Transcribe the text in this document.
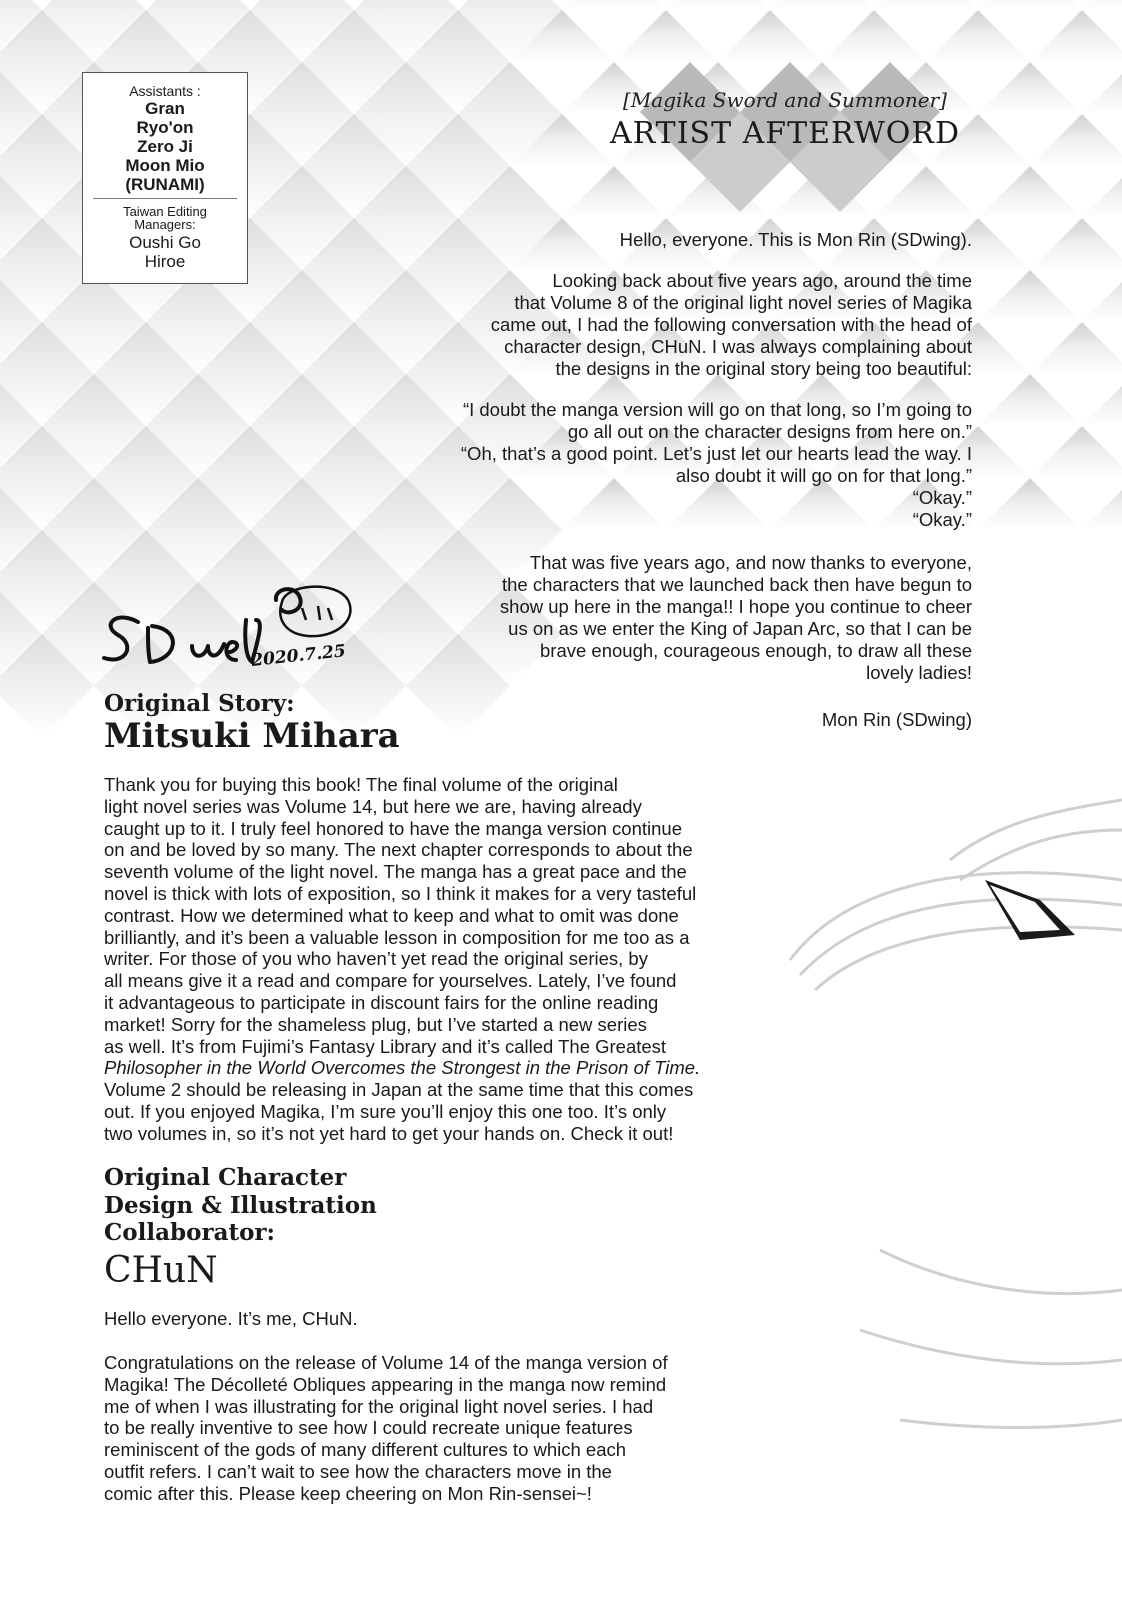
Assistants :
Gran
Ryo'on
Zero Ji
Moon Mio
(RUNAMI)
Taiwan Editing
Managers:
Oushi Go
Hiroe
[Magika Sword and Summoner]
ARTIST AFTERWORD

Hello, everyone. This is Mon Rin (SDwing).

Looking back about five years ago, around the time

that Volume 8 of the original light novel series of Magika

came out, I had the following conversation with the head of

character design, CHuN. I was always complaining about

the designs in the original story being too beautiful:

“I doubt the manga version will go on that long, so I’m going to

go all out on the character designs from here on.”

“Oh, that’s a good point. Let’s just let our hearts lead the way. I

also doubt it will go on for that long.”

“Okay.”

“Okay.”

That was five years ago, and now thanks to everyone,

the characters that we launched back then have begun to

show up here in the manga!! I hope you continue to cheer

us on as we enter the King of Japan Arc, so that I can be

brave enough, courageous enough, to draw all these

lovely ladies!

Mon Rin (SDwing)

2020.7.25
Original Story:
Mitsuki Mihara

Thank you for buying this book! The final volume of the original

light novel series was Volume 14, but here we are, having already

caught up to it. I truly feel honored to have the manga version continue

on and be loved by so many. The next chapter corresponds to about the

seventh volume of the light novel. The manga has a great pace and the

novel is thick with lots of exposition, so I think it makes for a very tasteful

contrast. How we determined what to keep and what to omit was done

brilliantly, and it’s been a valuable lesson in composition for me too as a

writer. For those of you who haven’t yet read the original series, by

all means give it a read and compare for yourselves. Lately, I’ve found

it advantageous to participate in discount fairs for the online reading

market! Sorry for the shameless plug, but I’ve started a new series

as well. It’s from Fujimi’s Fantasy Library and it’s called The Greatest

Philosopher in the World Overcomes the Strongest in the Prison of Time.

Volume 2 should be releasing in Japan at the same time that this comes

out. If you enjoyed Magika, I’m sure you’ll enjoy this one too. It’s only

two volumes in, so it’s not yet hard to get your hands on. Check it out!

Original Character
Design & Illustration
Collaborator:
CHuN

Hello everyone. It’s me, CHuN.

Congratulations on the release of Volume 14 of the manga version of

Magika! The Décolleté Obliques appearing in the manga now remind

me of when I was illustrating for the original light novel series. I had

to be really inventive to see how I could recreate unique features

reminiscent of the gods of many different cultures to which each

outfit refers. I can’t wait to see how the characters move in the

comic after this. Please keep cheering on Mon Rin-sensei~!
